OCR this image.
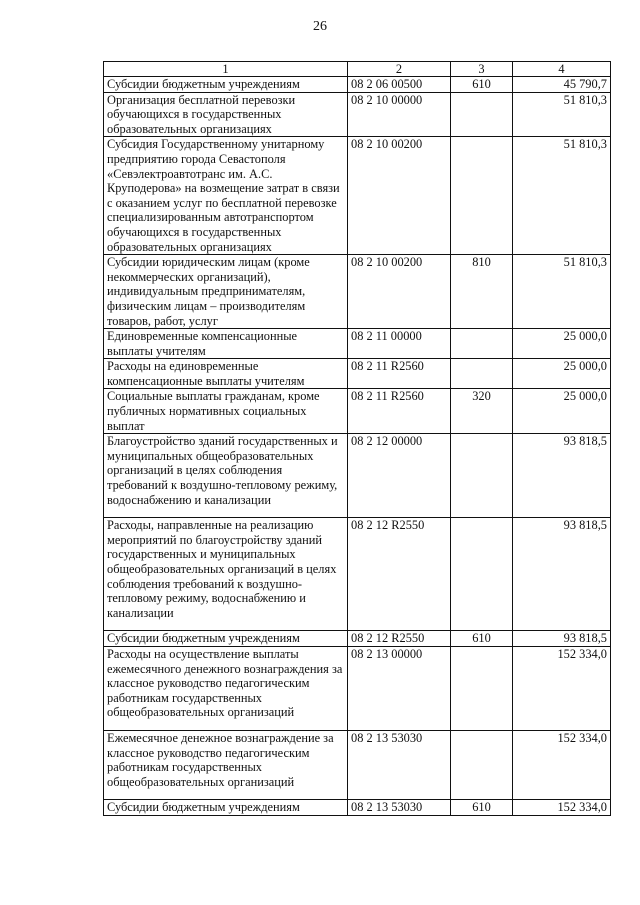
26
1	2	3	4
Субсидии бюджетным учреждениям	08 2 06 00500	610	45 790,7
Организация бесплатной перевозки обучающихся в государственных образовательных организациях	08 2 10 00000		51 810,3
Субсидия Государственному унитарному предприятию города Севастополя «Севэлектроавтотранс им. А.С. Круподерова» на возмещение затрат в связи с оказанием услуг по бесплатной перевозке специализированным автотранспортом обучающихся в государственных образовательных организациях	08 2 10 00200		51 810,3
Субсидии юридическим лицам (кроме некоммерческих организаций), индивидуальным предпринимателям, физическим лицам – производителям товаров, работ, услуг	08 2 10 00200	810	51 810,3
Единовременные компенсационные выплаты учителям	08 2 11 00000		25 000,0
Расходы на единовременные компенсационные выплаты учителям	08 2 11 R2560		25 000,0
Социальные выплаты гражданам, кроме публичных нормативных социальных выплат	08 2 11 R2560	320	25 000,0
Благоустройство зданий государственных и муниципальных общеобразовательных организаций в целях соблюдения требований к воздушно-тепловому режиму, водоснабжению и канализации	08 2 12 00000		93 818,5
Расходы, направленные на реализацию мероприятий по благоустройству зданий государственных и муниципальных общеобразовательных организаций в целях соблюдения требований к воздушно-тепловому режиму, водоснабжению и канализации	08 2 12 R2550		93 818,5
Субсидии бюджетным учреждениям	08 2 12 R2550	610	93 818,5
Расходы на осуществление выплаты ежемесячного денежного вознаграждения за классное руководство педагогическим работникам государственных общеобразовательных организаций	08 2 13 00000		152 334,0
Ежемесячное денежное вознаграждение за классное руководство педагогическим работникам государственных общеобразовательных организаций	08 2 13 53030		152 334,0
Субсидии бюджетным учреждениям	08 2 13 53030	610	152 334,0
